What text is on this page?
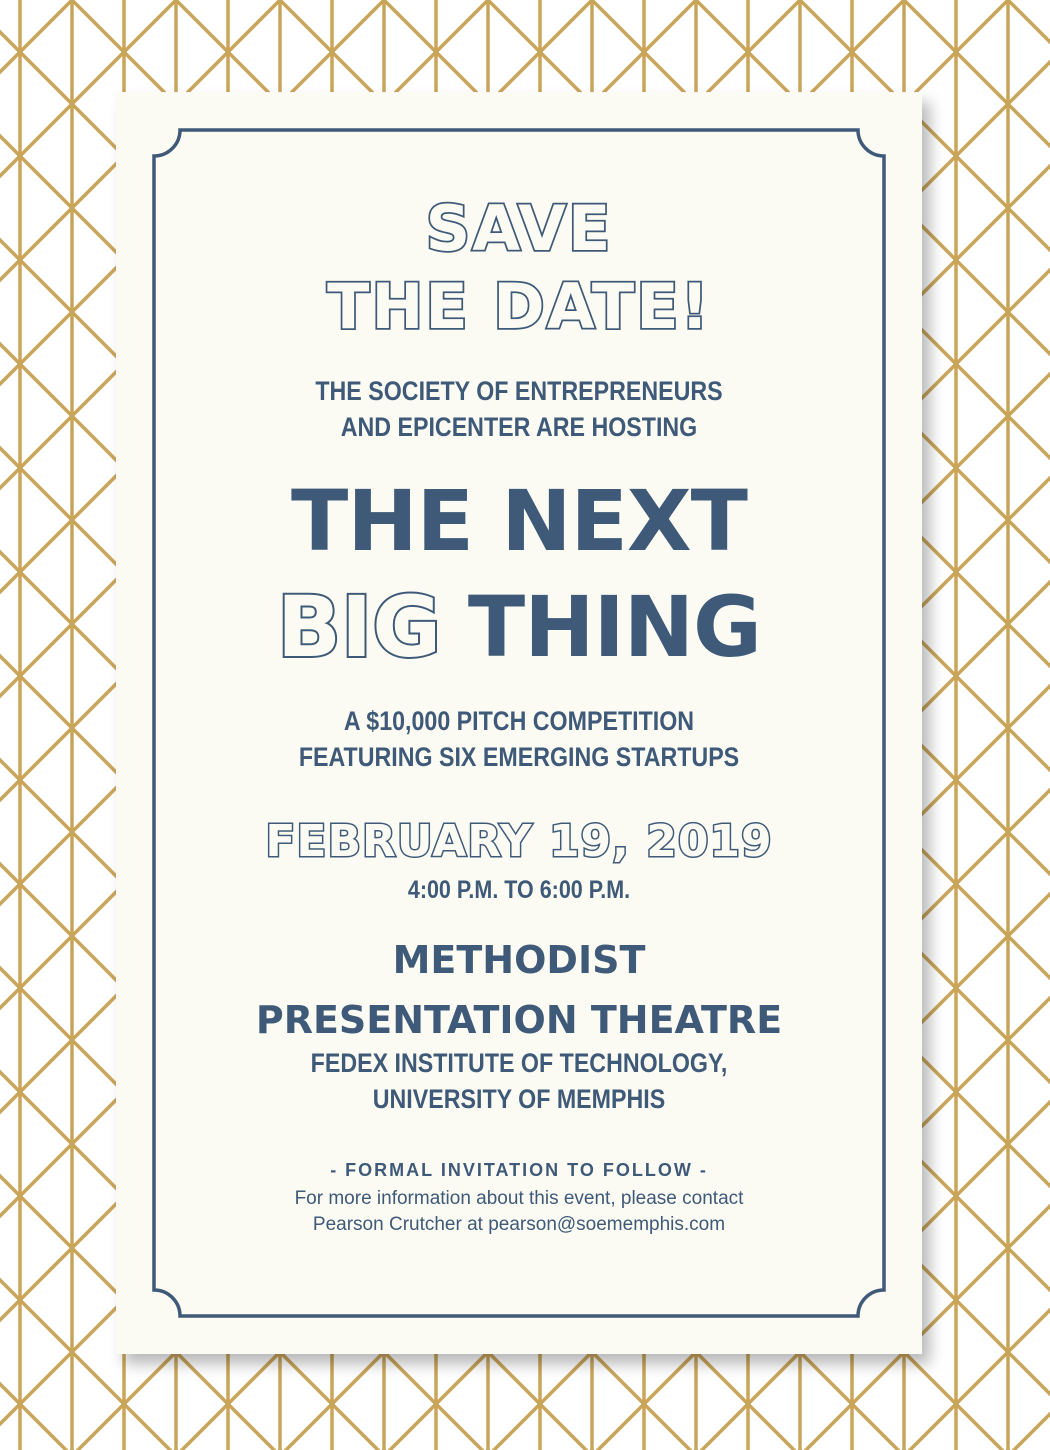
SAVE

THE DATE!

THE SOCIETY OF ENTREPRENEURS

AND EPICENTER ARE HOSTING

THE NEXT

BIG THING

A $10,000 PITCH COMPETITION

FEATURING SIX EMERGING STARTUPS

FEBRUARY 19, 2019

4:00 P.M. TO 6:00 P.M.

METHODIST

PRESENTATION THEATRE

FEDEX INSTITUTE OF TECHNOLOGY,

UNIVERSITY OF MEMPHIS

- FORMAL INVITATION TO FOLLOW -

For more information about this event, please contact

Pearson Crutcher at pearson@soememphis.com
